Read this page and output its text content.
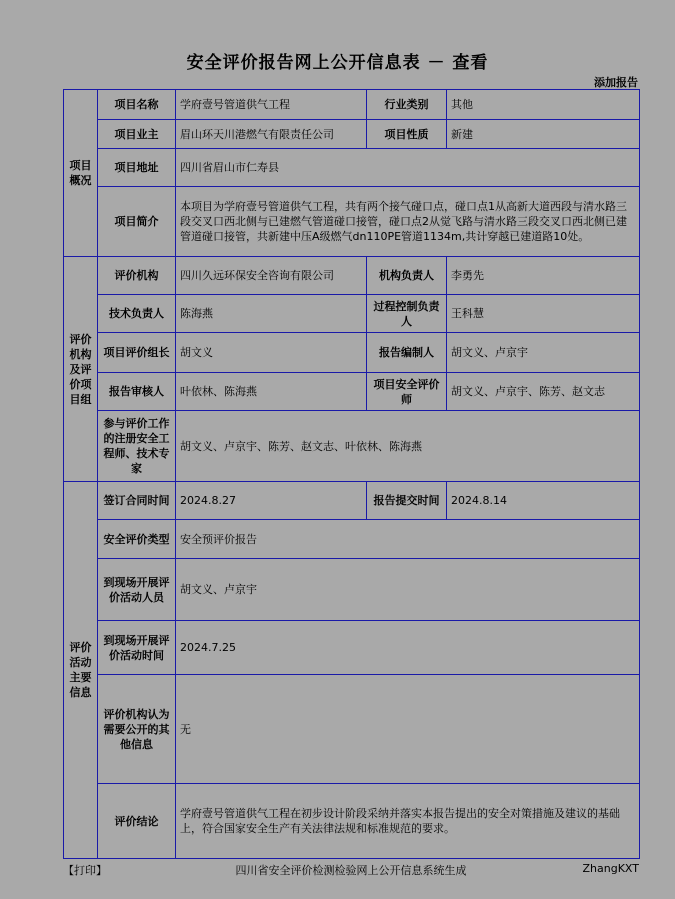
安全评价报告网上公开信息表 － 查看
添加报告
项目概况	项目名称	学府壹号管道供气工程	行业类别	其他
	项目业主	眉山环天川港燃气有限责任公司	项目性质	新建
	项目地址	四川省眉山市仁寿县		
	项目简介	本项目为学府壹号管道供气工程，共有两个接气碰口点，碰口点1从高新大道西段与清水路三段交叉口西北侧与已建燃气管道碰口接管，碰口点2从觉飞路与清水路三段交叉口西北侧已建管道碰口接管，共新建中压A级燃气dn110PE管道1134m,共计穿越已建道路10处。		
评价机构及评价项目组	评价机构	四川久远环保安全咨询有限公司	机构负责人	李勇先
	技术负责人	陈海燕	过程控制负责人	王科慧
	项目评价组长	胡文义	报告编制人	胡文义、卢京宇
	报告审核人	叶依林、陈海燕	项目安全评价师	胡文义、卢京宇、陈芳、赵文志
	参与评价工作的注册安全工程师、技术专家	胡文义、卢京宇、陈芳、赵文志、叶依林、陈海燕		
评价活动主要信息	签订合同时间	2024.8.27	报告提交时间	2024.8.14
	安全评价类型	安全预评价报告		
	到现场开展评价活动人员	胡文义、卢京宇		
	到现场开展评价活动时间	2024.7.25		
	评价机构认为需要公开的其他信息	无		
	评价结论	学府壹号管道供气工程在初步设计阶段采纳并落实本报告提出的安全对策措施及建议的基础上，符合国家安全生产有关法律法规和标准规范的要求。		
四川省安全评价检测检验网上公开信息系统生成
【打印】	ZhangKXT
